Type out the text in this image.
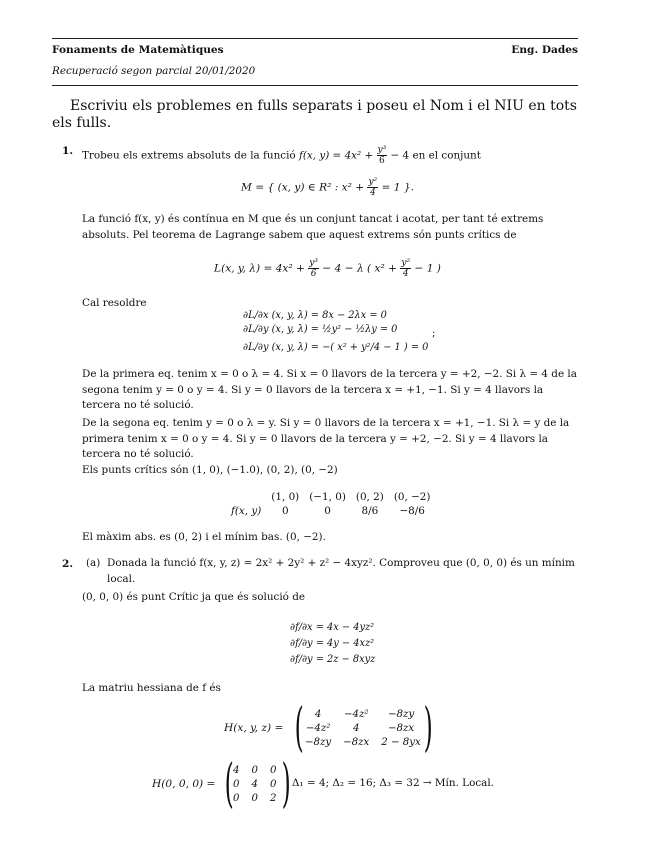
Fonaments de Matemàtiques	Eng. Dades
Recuperació segon parcial 20/01/2020
Escriviu els problemes en fulls separats i poseu el Nom i el NIU en tots els fulls.
1. Trobeu els extrems absoluts de la funció f(x, $y) = 4x^2 + \frac{\text{y³}}{6} - 4$ en el conjunt
M = { (x, y) ∈ R² : $x^2 + \frac{\text{y²}}{4} = 1$ }.
La funció f(x, y) és contínua en M que és un conjunt tancat i acotat, per tant té extrems absoluts. Pel teorema de Lagrange sabem que aquest extrems són punts crítics de
L(x, y, $\lambda) = 4x^2 + \frac{\text{y³}}{6} - 4 - \lambda$ ( $x^2 + \frac{\text{y²}}{4} - 1$ )
Cal resoldre
∂L/∂x (x, y, λ) = 8x − 2λx = 0
∂L/∂y (x, y, λ) = ½y² − ½λy = 0
∂L/∂y (x, y, λ) = −( x² + y²/4 − 1 ) = 0
;
De la primera eq. tenim x = 0 o λ = 4. Si x = 0 llavors de la tercera y = +2, −2. Si λ = 4 de la segona tenim y = 0 o y = 4. Si y = 0 llavors de la tercera x = +1, −1. Si y = 4 llavors la tercera no té solució.
De la segona eq. tenim y = 0 o λ = y. Si y = 0 llavors de la tercera x = +1, −1. Si λ = y de la primera tenim x = 0 o y = 4. Si y = 0 llavors de la tercera y = +2, −2. Si y = 4 llavors la tercera no té solució.
Els punts crítics són (1, 0), (−1.0), (0, 2), (0, −2)
	(1, 0)	(−1, 0)	(0, 2)	(0, −2)
f(x, y)	0	0	8/6	−8/6
El màxim abs. es (0, 2) i el mínim bas. (0, −2).
2. (a) Donada la funció f(x, y, z) = 2x² + 2y² + z² − 4xyz². Comproveu que (0, 0, 0) és un mínim local.
(0, 0, 0) és punt Crític ja que és solució de
∂f/∂x = 4x − 4yz²
∂f/∂y = 4y − 4xz²
∂f/∂y = 2z − 8xyz
La matriu hessiana de f és
H(x, y, z) = ( 4	−4z²	−8zy
−4z²	4	−8zx
−8zy	−8zx	2 − 8yx )
H(0, 0, 0) = ( 4	0	0
0	4	0
0	0	2 ) Δ₁ = 4; Δ₂ = 16; Δ₃ = 32 → Mín. Local.
